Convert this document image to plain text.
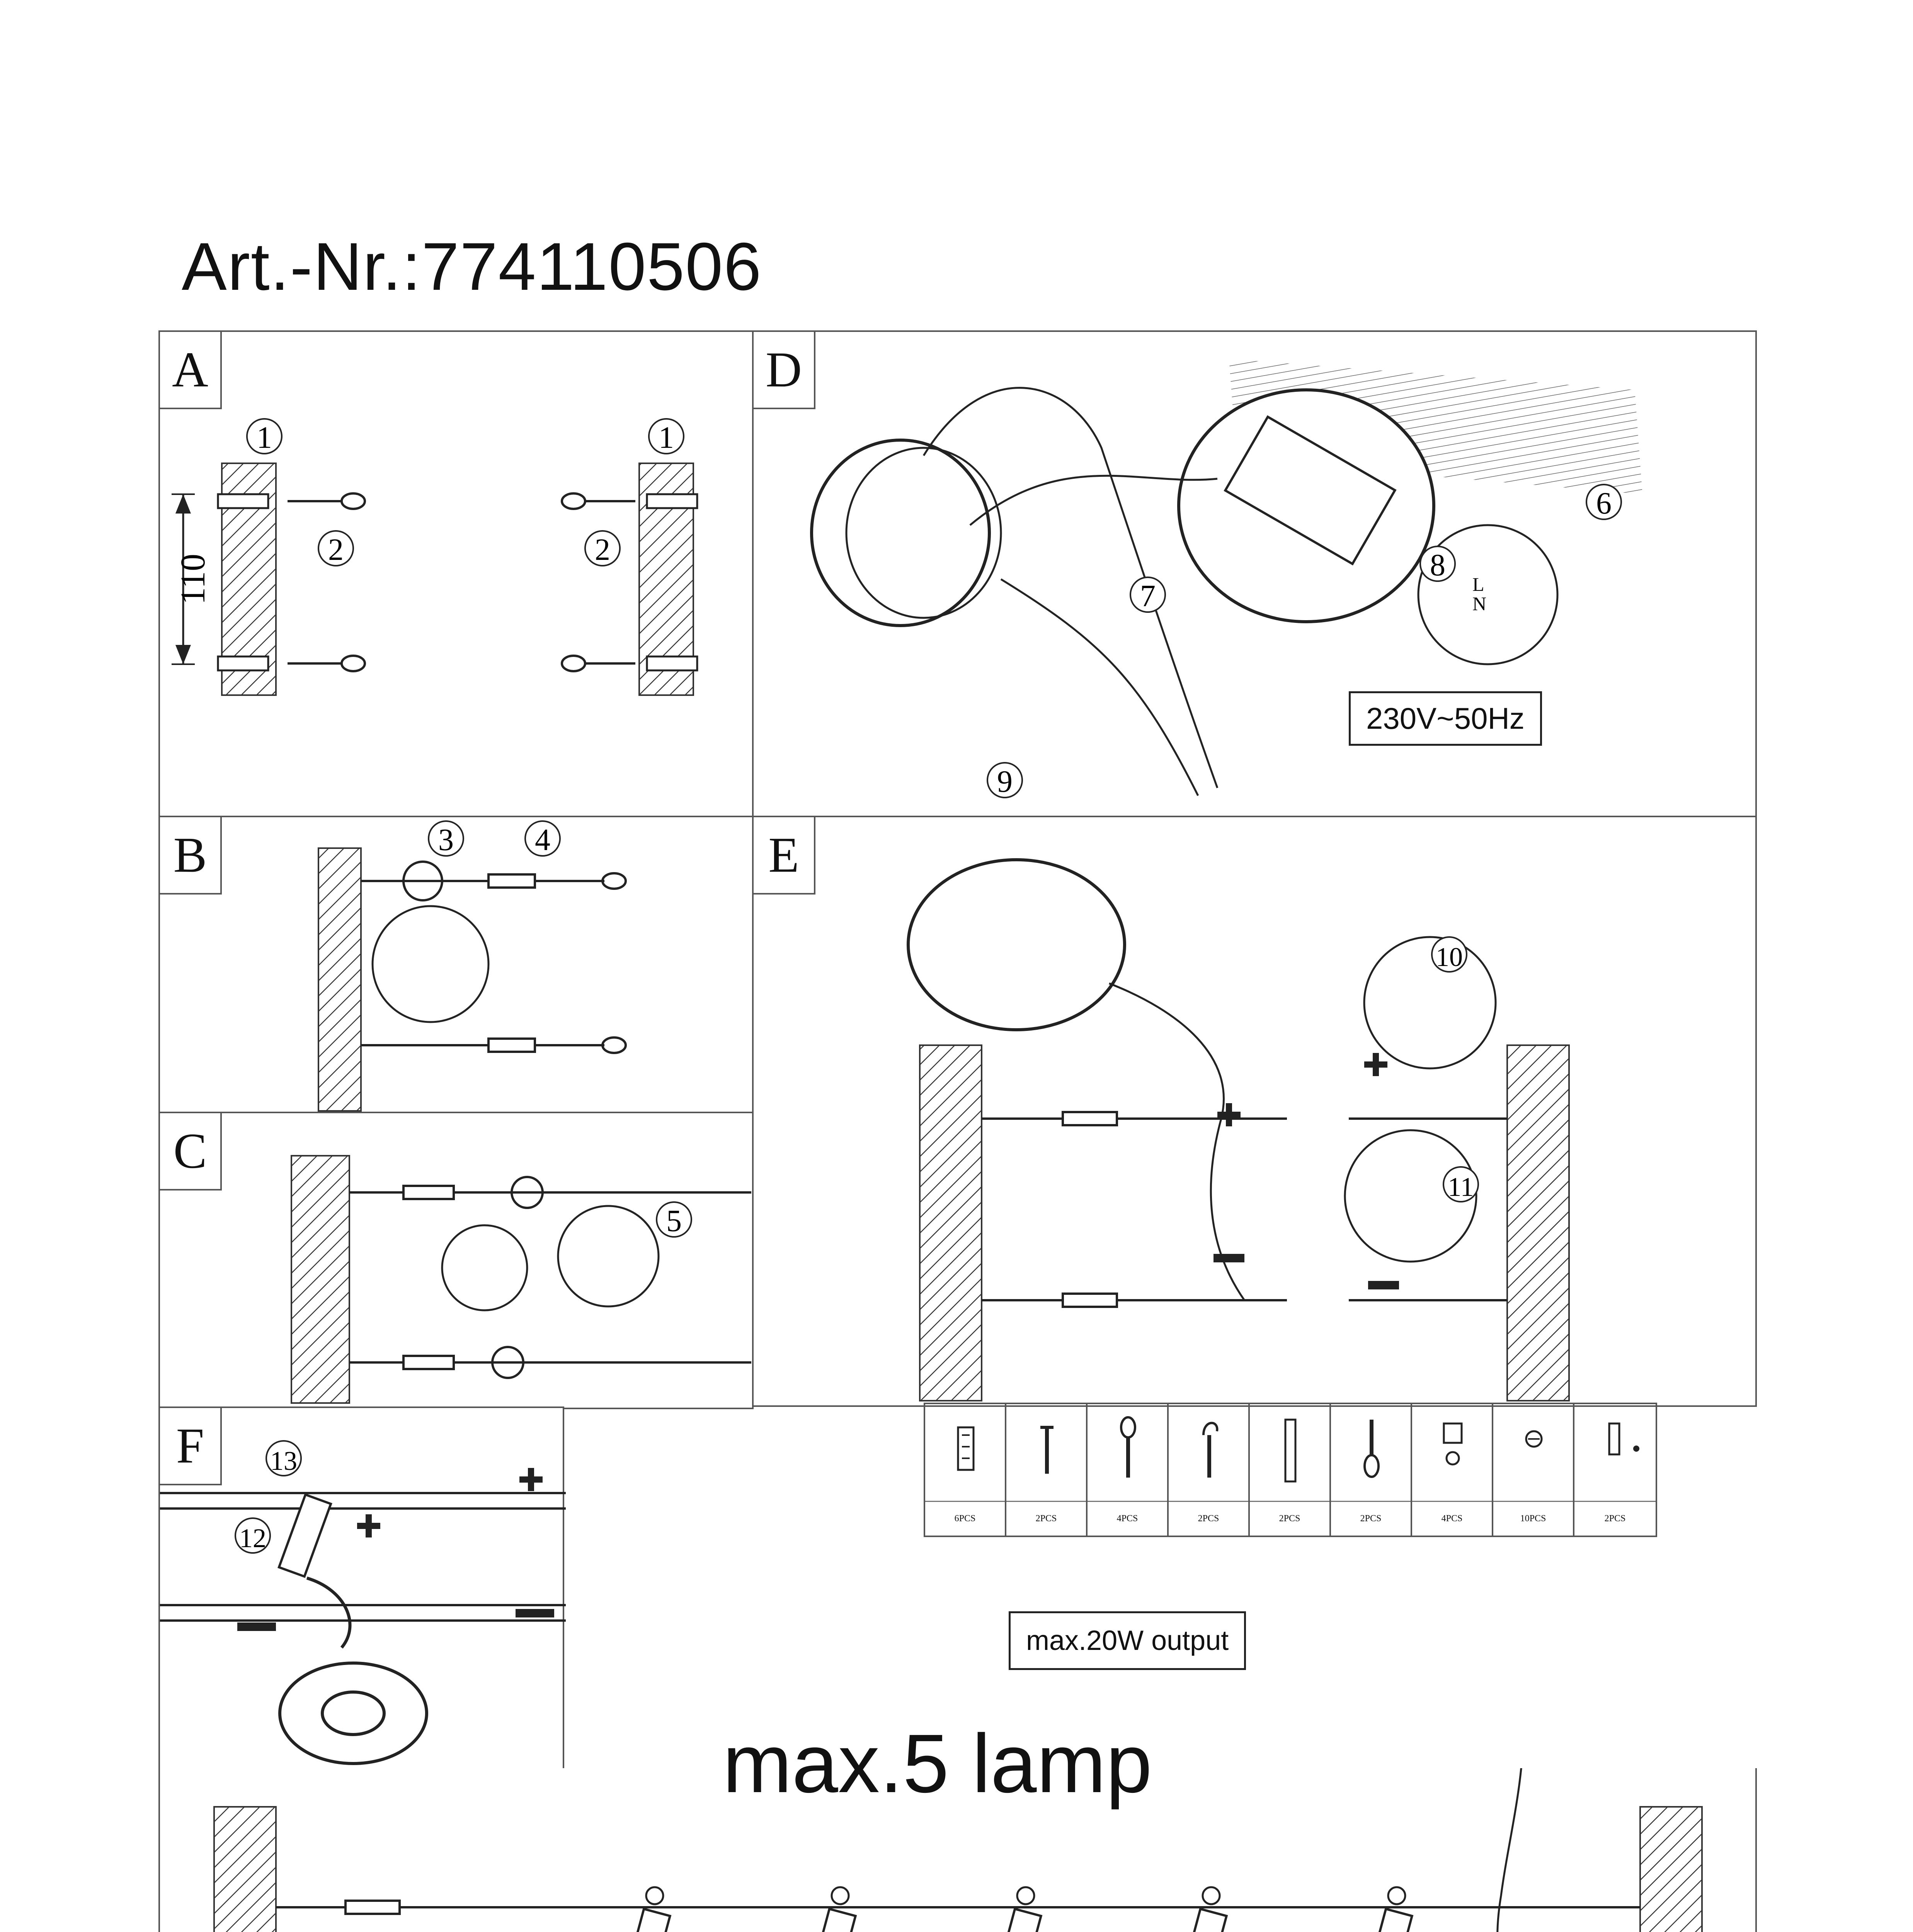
Art.-Nr.:774110506
A
110
1
2	2
1
D
6
7
8
9
L
N
230V~50Hz
B	3	4	E
10
11
C
5
F	13
12
6PCS	2PCS	4PCS	2PCS	2PCS	2PCS	4PCS	10PCS	2PCS
max.20W output
max.5 lamp
